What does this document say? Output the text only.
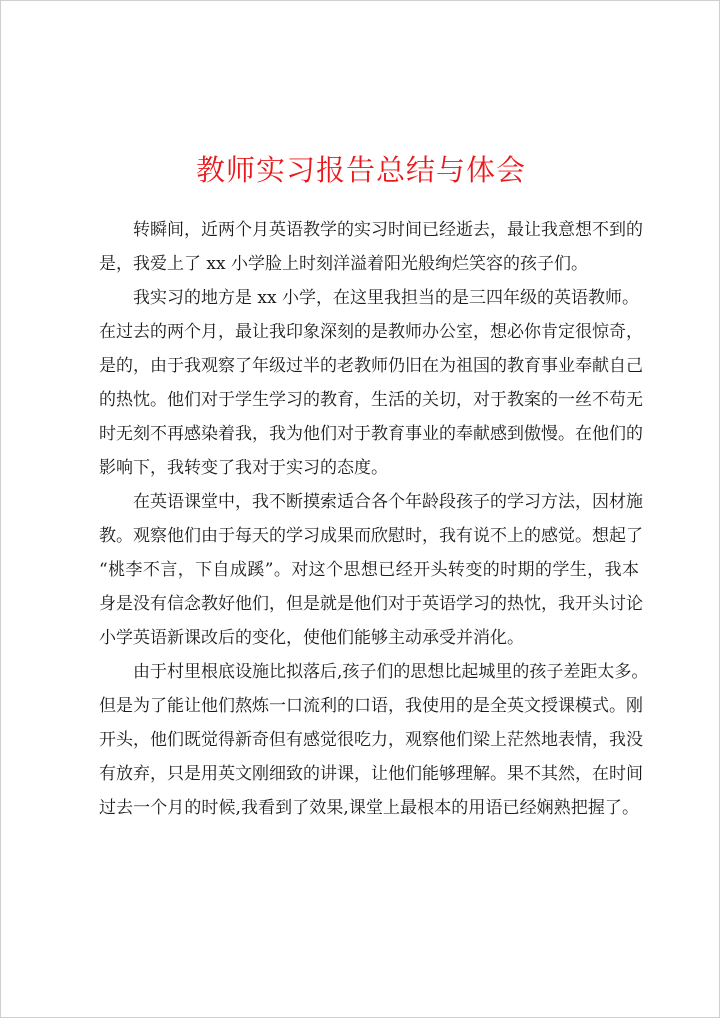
教师实习报告总结与体会

转瞬间，近两个月英语教学的实习时间已经逝去，最让我意想不到的
是，我爱上了 xx 小学脸上时刻洋溢着阳光般绚烂笑容的孩子们。

我实习的地方是 xx 小学，在这里我担当的是三四年级的英语教师。
在过去的两个月，最让我印象深刻的是教师办公室，想必你肯定很惊奇，
是的，由于我观察了年级过半的老教师仍旧在为祖国的教育事业奉献自己
的热忱。他们对于学生学习的教育，生活的关切，对于教案的一丝不苟无
时无刻不再感染着我，我为他们对于教育事业的奉献感到傲慢。在他们的
影响下，我转变了我对于实习的态度。

在英语课堂中，我不断摸索适合各个年龄段孩子的学习方法，因材施
教。观察他们由于每天的学习成果而欣慰时，我有说不上的感觉。想起了
“桃李不言，下自成蹊”。对这个思想已经开头转变的时期的学生，我本
身是没有信念教好他们，但是就是他们对于英语学习的热忱，我开头讨论
小学英语新课改后的变化，使他们能够主动承受并消化。

由于村里根底设施比拟落后,孩子们的思想比起城里的孩子差距太多。
但是为了能让他们熬炼一口流利的口语，我使用的是全英文授课模式。刚
开头，他们既觉得新奇但有感觉很吃力，观察他们梁上茫然地表情，我没
有放弃，只是用英文刚细致的讲课，让他们能够理解。果不其然，在时间
过去一个月的时候,我看到了效果,课堂上最根本的用语已经娴熟把握了。
